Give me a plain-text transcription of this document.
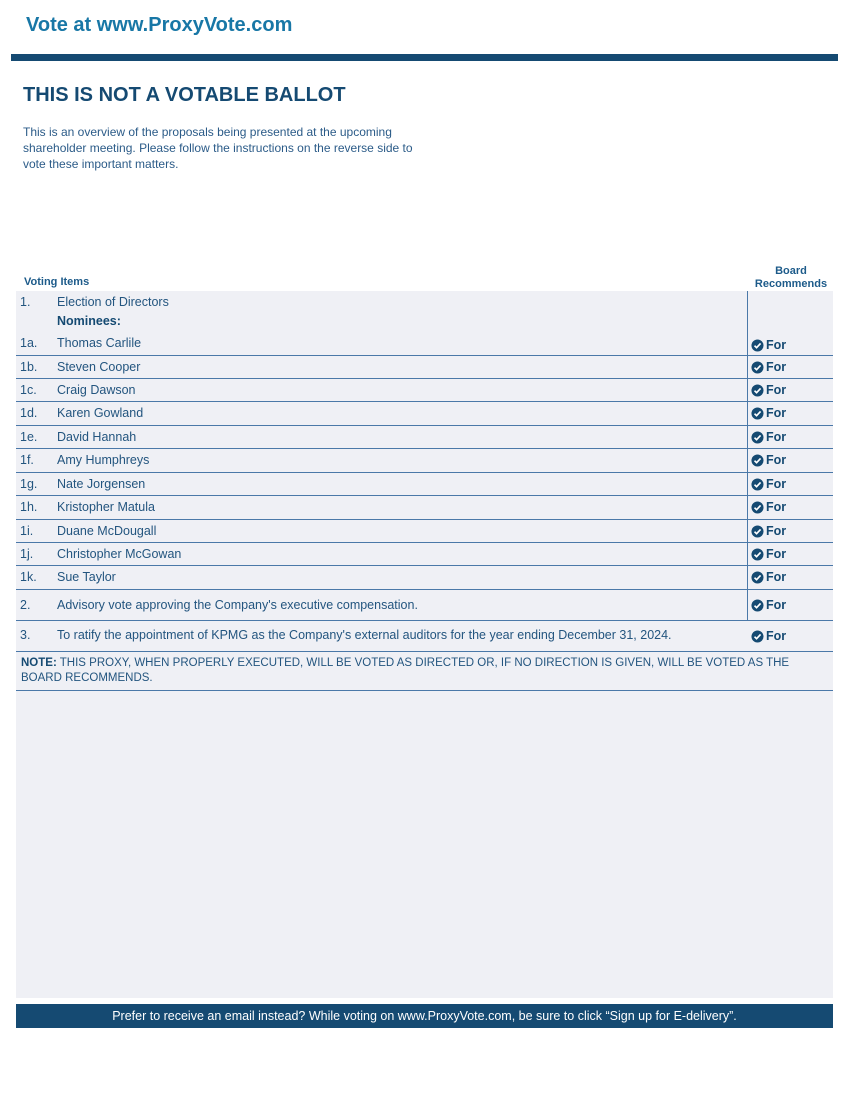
Vote at www.ProxyVote.com
THIS IS NOT A VOTABLE BALLOT
This is an overview of the proposals being presented at the upcoming shareholder meeting. Please follow the instructions on the reverse side to vote these important matters.
Voting Items
Board
Recommends
1. Election of Directors
Nominees:
1a. Thomas Carlile	For
1b. Steven Cooper	For
1c. Craig Dawson	For
1d. Karen Gowland	For
1e. David Hannah	For
1f. Amy Humphreys	For
1g. Nate Jorgensen	For
1h. Kristopher Matula	For
1i. Duane McDougall	For
1j. Christopher McGowan	For
1k. Sue Taylor	For
2. Advisory vote approving the Company's executive compensation.	For
3. To ratify the appointment of KPMG as the Company's external auditors for the year ending December 31, 2024.	For
NOTE: THIS PROXY, WHEN PROPERLY EXECUTED, WILL BE VOTED AS DIRECTED OR, IF NO DIRECTION IS GIVEN, WILL BE VOTED AS THE BOARD RECOMMENDS.
Prefer to receive an email instead? While voting on www.ProxyVote.com, be sure to click “Sign up for E-delivery”.
